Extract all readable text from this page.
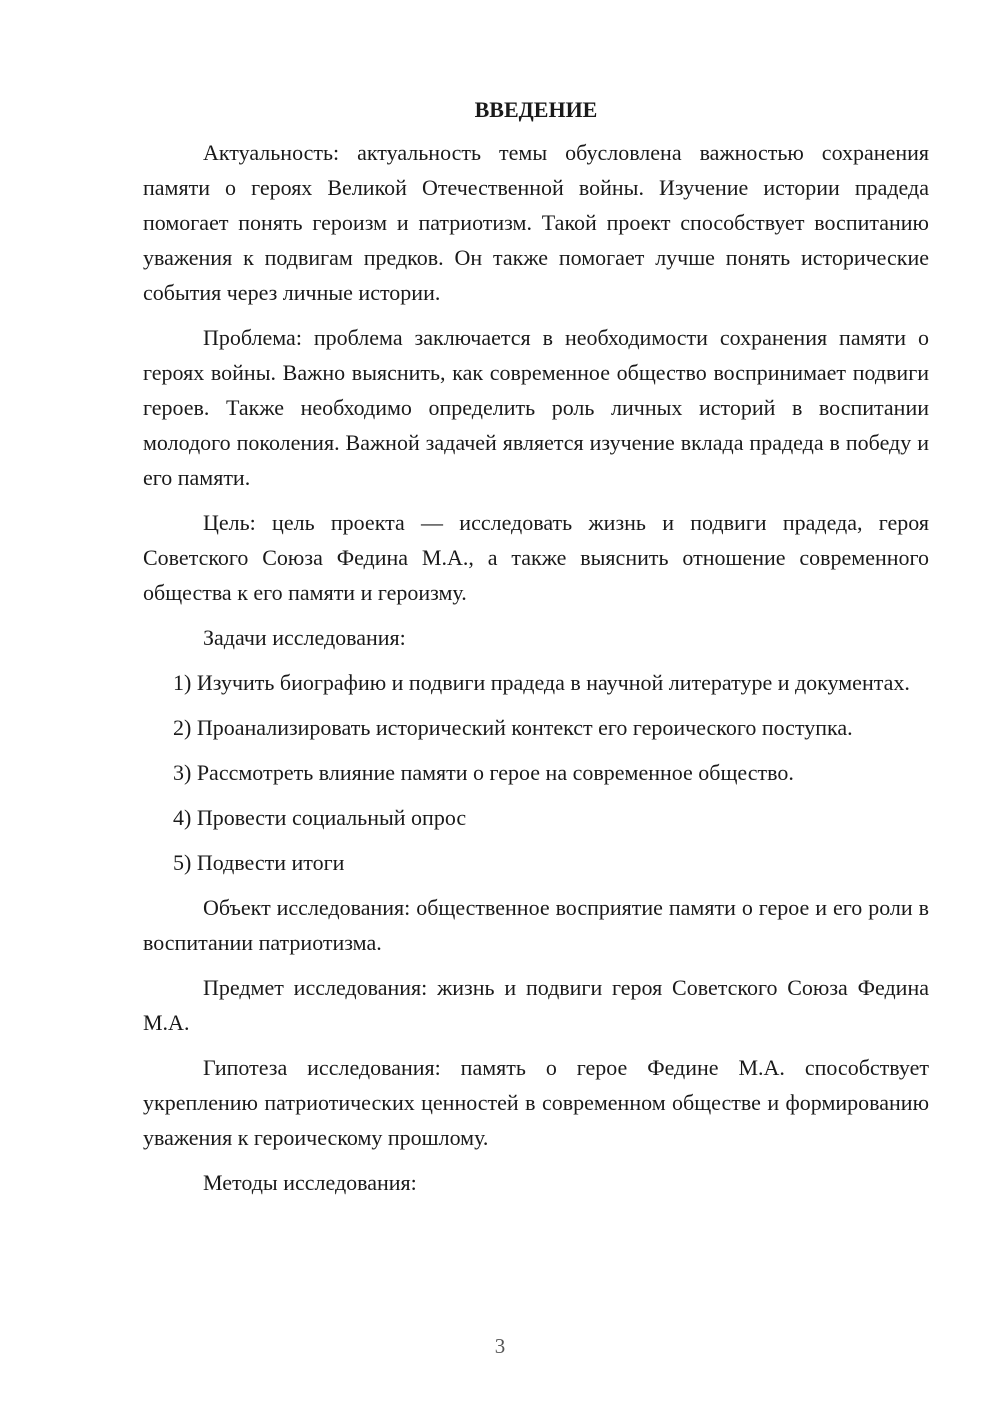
ВВЕДЕНИЕ

Актуальность: актуальность темы обусловлена важностью сохранения памяти о героях Великой Отечественной войны. Изучение истории прадеда помогает понять героизм и патриотизм. Такой проект способствует воспитанию уважения к подвигам предков. Он также помогает лучше понять исторические события через личные истории.

Проблема: проблема заключается в необходимости сохранения памяти о героях войны. Важно выяснить, как современное общество воспринимает подвиги героев. Также необходимо определить роль личных историй в воспитании молодого поколения. Важной задачей является изучение вклада прадеда в победу и его памяти.

Цель: цель проекта — исследовать жизнь и подвиги прадеда, героя Советского Союза Федина М.А., а также выяснить отношение современного общества к его памяти и героизму.

Задачи исследования:

1) Изучить биографию и подвиги прадеда в научной литературе и документах.

2) Проанализировать исторический контекст его героического поступка.

3) Рассмотреть влияние памяти о герое на современное общество.

4) Провести социальный опрос

5) Подвести итоги

Объект исследования: общественное восприятие памяти о герое и его роли в воспитании патриотизма.

Предмет исследования: жизнь и подвиги героя Советского Союза Федина М.А.

Гипотеза исследования: память о герое Федине М.А. способствует укреплению патриотических ценностей в современном обществе и формированию уважения к героическому прошлому.

Методы исследования:

3
